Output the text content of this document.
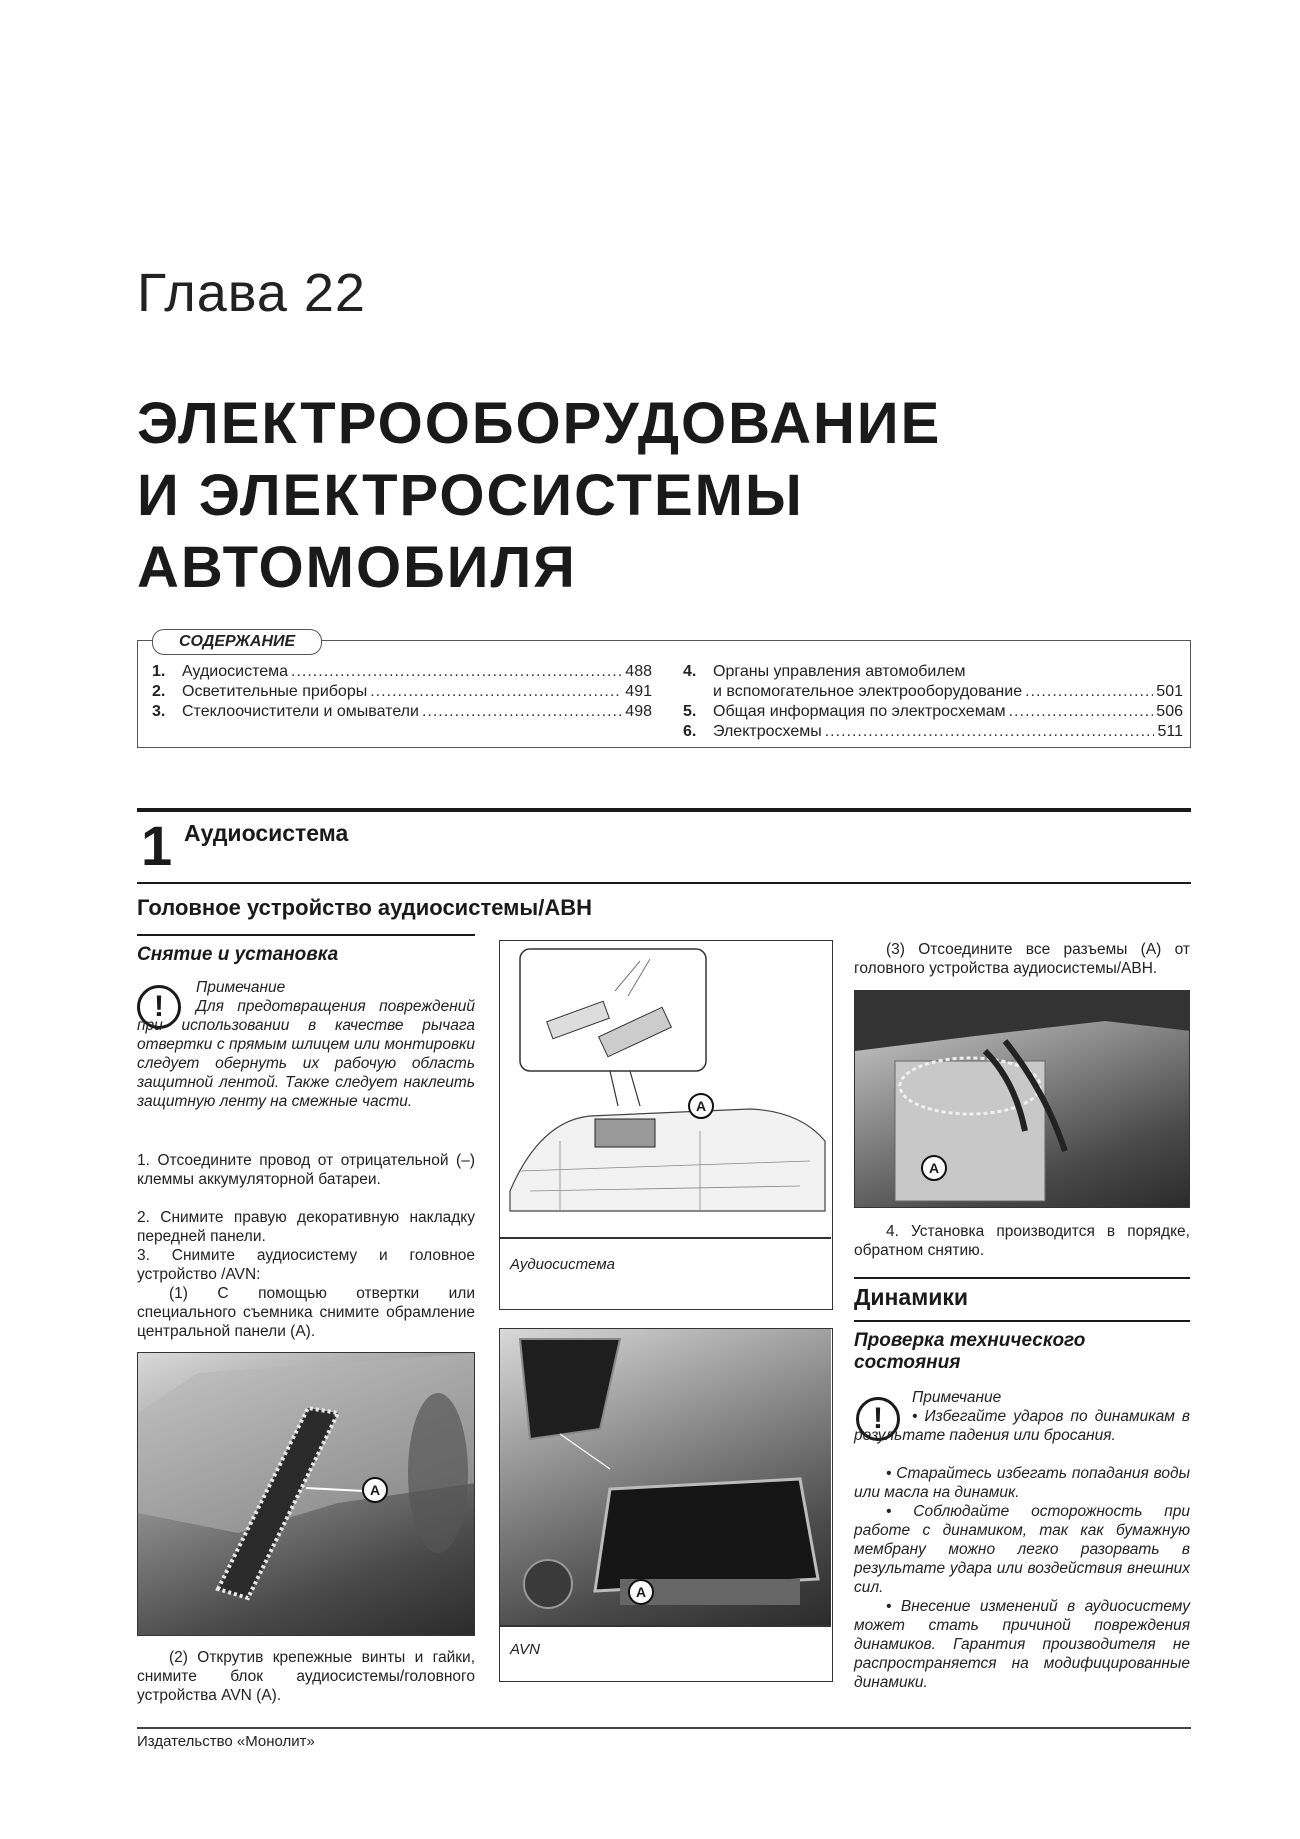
Глава 22
ЭЛЕКТРООБОРУДОВАНИЕ
И ЭЛЕКТРОСИСТЕМЫ
АВТОМОБИЛЯ
СОДЕРЖАНИЕ
1.	Аудиосистема .....	488
2.	Осветительные приборы .....	491
3.	Стеклоочистители и омыватели .....	498
4.	Органы управления автомобилем
и вспомогательное электрооборудование .....	501
5.	Общая информация по электросхемам .....	506
6.	Электросхемы .....	511
1 Аудиосистема
Головное устройство аудиосистемы/АВН
Снятие и установка
!
Примечание
Для предотвращения повреждений при использовании в качестве рычага отвертки с прямым шлицем или монтировки следует обернуть их рабочую область защитной лентой. Также следует наклеить защитную ленту на смежные части.
1. Отсоедините провод от отрицательной (–) клеммы аккумуляторной батареи.
2. Снимите правую декоративную накладку передней панели.
3. Снимите аудиосистему и головное устройство /AVN:
(1) С помощью отвертки или специального съемника снимите обрамление центральной панели (А).
A
(2) Открутив крепежные винты и гайки, снимите блок аудиосистемы/головного устройства AVN (А).
A
Аудиосистема
A
AVN
(3) Отсоедините все разъемы (А) от головного устройства аудиосистемы/АВН.
A
4. Установка производится в порядке, обратном снятию.
Динамики
Проверка технического состояния
!
Примечание
• Избегайте ударов по динамикам в результате падения или бросания.
• Старайтесь избегать попадания воды или масла на динамик.
• Соблюдайте осторожность при работе с динамиком, так как бумажную мембрану можно легко разорвать в результате удара или воздействия внешних сил.
• Внесение изменений в аудиосистему может стать причиной повреждения динамиков. Гарантия производителя не распространяется на модифицированные динамики.
Издательство «Монолит»
